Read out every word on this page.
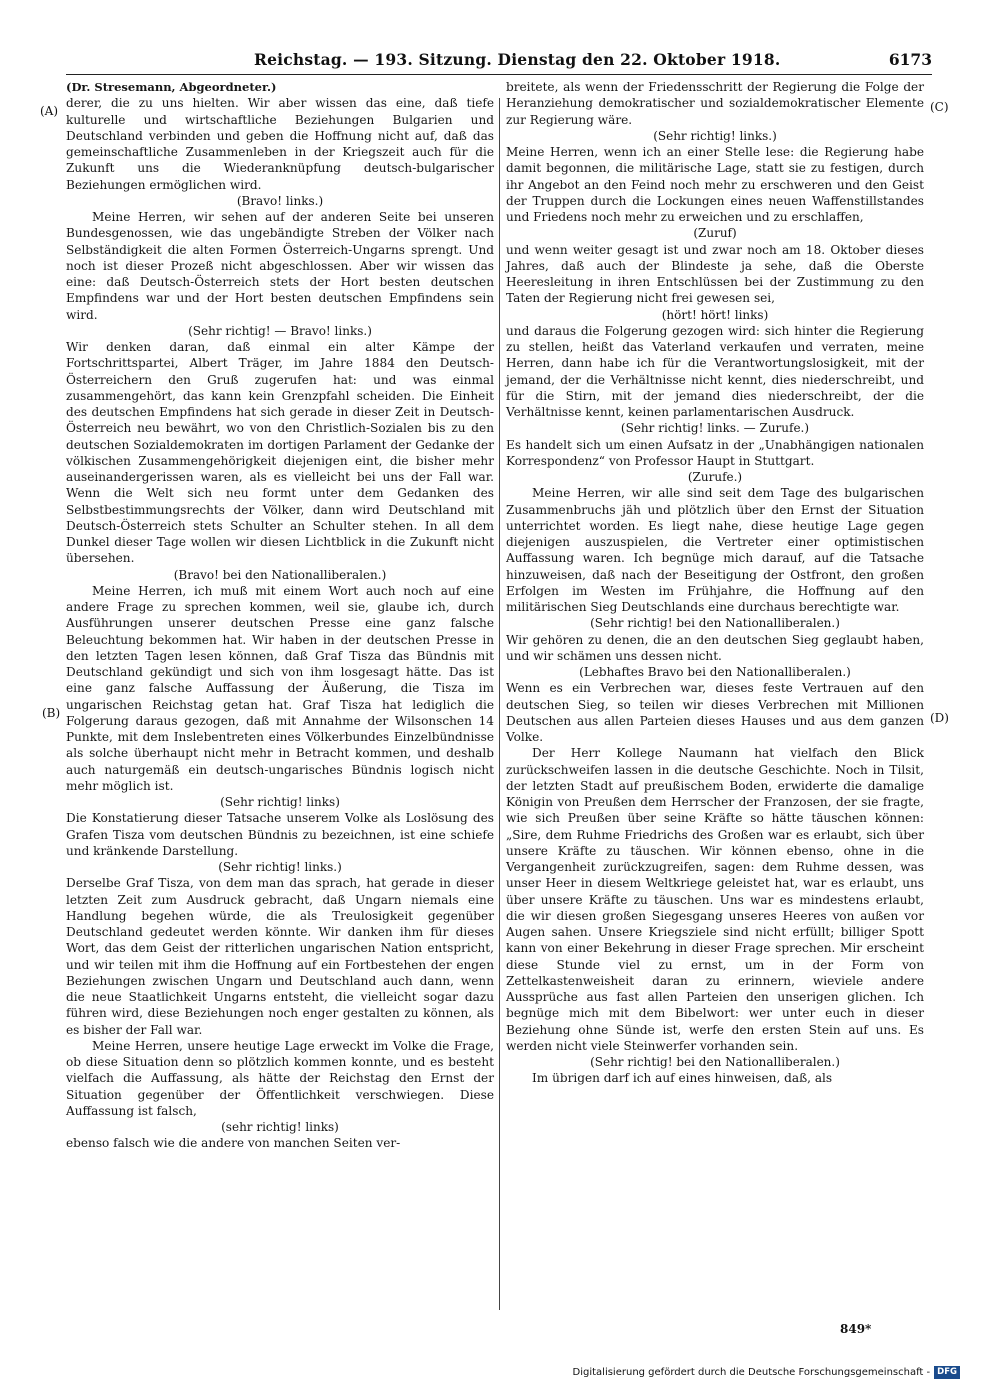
Reichstag. — 193. Sitzung. Dienstag den 22. Oktober 1918.	6173

(Dr. Stresemann, Abgeordneter.)

derer, die zu uns hielten. Wir aber wissen das eine, daß tiefe kulturelle und wirtschaftliche Beziehungen Bulgarien und Deutschland verbinden und geben die Hoffnung nicht auf, daß das gemeinschaftliche Zusammenleben in der Kriegszeit auch für die Zukunft uns die Wiederanknüpfung deutsch-bulgarischer Beziehungen ermöglichen wird.

(Bravo! links.)

Meine Herren, wir sehen auf der anderen Seite bei unseren Bundesgenossen, wie das ungebändigte Streben der Völker nach Selbständigkeit die alten Formen Österreich-Ungarns sprengt. Und noch ist dieser Prozeß nicht abgeschlossen. Aber wir wissen das eine: daß Deutsch-Österreich stets der Hort besten deutschen Empfindens war und der Hort besten deutschen Empfindens sein wird.

(Sehr richtig! — Bravo! links.)

Wir denken daran, daß einmal ein alter Kämpe der Fortschrittspartei, Albert Träger, im Jahre 1884 den Deutsch-Österreichern den Gruß zugerufen hat: und was einmal zusammengehört, das kann kein Grenzpfahl scheiden. Die Einheit des deutschen Empfindens hat sich gerade in dieser Zeit in Deutsch-Österreich neu bewährt, wo von den Christlich-Sozialen bis zu den deutschen Sozialdemokraten im dortigen Parlament der Gedanke der völkischen Zusammengehörigkeit diejenigen eint, die bisher mehr auseinandergerissen waren, als es vielleicht bei uns der Fall war. Wenn die Welt sich neu formt unter dem Gedanken des Selbstbestimmungsrechts der Völker, dann wird Deutschland mit Deutsch-Österreich stets Schulter an Schulter stehen. In all dem Dunkel dieser Tage wollen wir diesen Lichtblick in die Zukunft nicht übersehen.

(Bravo! bei den Nationalliberalen.)

Meine Herren, ich muß mit einem Wort auch noch auf eine andere Frage zu sprechen kommen, weil sie, glaube ich, durch Ausführungen unserer deutschen Presse eine ganz falsche Beleuchtung bekommen hat. Wir haben in der deutschen Presse in den letzten Tagen lesen können, daß Graf Tisza das Bündnis mit Deutschland gekündigt und sich von ihm losgesagt hätte. Das ist eine ganz falsche Auffassung der Äußerung, die Tisza im ungarischen Reichstag getan hat. Graf Tisza hat lediglich die Folgerung daraus gezogen, daß mit Annahme der Wilsonschen 14 Punkte, mit dem Inslebentreten eines Völkerbundes Einzelbündnisse als solche überhaupt nicht mehr in Betracht kommen, und deshalb auch naturgemäß ein deutsch-ungarisches Bündnis logisch nicht mehr möglich ist.

(Sehr richtig! links)

Die Konstatierung dieser Tatsache unserem Volke als Loslösung des Grafen Tisza vom deutschen Bündnis zu bezeichnen, ist eine schiefe und kränkende Darstellung.

(Sehr richtig! links.)

Derselbe Graf Tisza, von dem man das sprach, hat gerade in dieser letzten Zeit zum Ausdruck gebracht, daß Ungarn niemals eine Handlung begehen würde, die als Treulosigkeit gegenüber Deutschland gedeutet werden könnte. Wir danken ihm für dieses Wort, das dem Geist der ritterlichen ungarischen Nation entspricht, und wir teilen mit ihm die Hoffnung auf ein Fortbestehen der engen Beziehungen zwischen Ungarn und Deutschland auch dann, wenn die neue Staatlichkeit Ungarns entsteht, die vielleicht sogar dazu führen wird, diese Beziehungen noch enger gestalten zu können, als es bisher der Fall war.

Meine Herren, unsere heutige Lage erweckt im Volke die Frage, ob diese Situation denn so plötzlich kommen konnte, und es besteht vielfach die Auffassung, als hätte der Reichstag den Ernst der Situation gegenüber der Öffentlichkeit verschwiegen. Diese Auffassung ist falsch,

(sehr richtig! links)

ebenso falsch wie die andere von manchen Seiten ver-

breitete, als wenn der Friedensschritt der Regierung die Folge der Heranziehung demokratischer und sozialdemokratischer Elemente zur Regierung wäre.

(Sehr richtig! links.)

Meine Herren, wenn ich an einer Stelle lese: die Regierung habe damit begonnen, die militärische Lage, statt sie zu festigen, durch ihr Angebot an den Feind noch mehr zu erschweren und den Geist der Truppen durch die Lockungen eines neuen Waffenstillstandes und Friedens noch mehr zu erweichen und zu erschlaffen,

(Zuruf)

und wenn weiter gesagt ist und zwar noch am 18. Oktober dieses Jahres, daß auch der Blindeste ja sehe, daß die Oberste Heeresleitung in ihren Entschlüssen bei der Zustimmung zu den Taten der Regierung nicht frei gewesen sei,

(hört! hört! links)

und daraus die Folgerung gezogen wird: sich hinter die Regierung zu stellen, heißt das Vaterland verkaufen und verraten, meine Herren, dann habe ich für die Verantwortungslosigkeit, mit der jemand, der die Verhältnisse nicht kennt, dies niederschreibt, und für die Stirn, mit der jemand dies niederschreibt, der die Verhältnisse kennt, keinen parlamentarischen Ausdruck.

(Sehr richtig! links. — Zurufe.)

Es handelt sich um einen Aufsatz in der „Unabhängigen nationalen Korrespondenz“ von Professor Haupt in Stuttgart.

(Zurufe.)

Meine Herren, wir alle sind seit dem Tage des bulgarischen Zusammenbruchs jäh und plötzlich über den Ernst der Situation unterrichtet worden. Es liegt nahe, diese heutige Lage gegen diejenigen auszuspielen, die Vertreter einer optimistischen Auffassung waren. Ich begnüge mich darauf, auf die Tatsache hinzuweisen, daß nach der Beseitigung der Ostfront, den großen Erfolgen im Westen im Frühjahre, die Hoffnung auf den militärischen Sieg Deutschlands eine durchaus berechtigte war.

(Sehr richtig! bei den Nationalliberalen.)

Wir gehören zu denen, die an den deutschen Sieg geglaubt haben, und wir schämen uns dessen nicht.

(Lebhaftes Bravo bei den Nationalliberalen.)

Wenn es ein Verbrechen war, dieses feste Vertrauen auf den deutschen Sieg, so teilen wir dieses Verbrechen mit Millionen Deutschen aus allen Parteien dieses Hauses und aus dem ganzen Volke.

Der Herr Kollege Naumann hat vielfach den Blick zurückschweifen lassen in die deutsche Geschichte. Noch in Tilsit, der letzten Stadt auf preußischem Boden, erwiderte die damalige Königin von Preußen dem Herrscher der Franzosen, der sie fragte, wie sich Preußen über seine Kräfte so hätte täuschen können: „Sire, dem Ruhme Friedrichs des Großen war es erlaubt, sich über unsere Kräfte zu täuschen. Wir können ebenso, ohne in die Vergangenheit zurückzugreifen, sagen: dem Ruhme dessen, was unser Heer in diesem Weltkriege geleistet hat, war es erlaubt, uns über unsere Kräfte zu täuschen. Uns war es mindestens erlaubt, die wir diesen großen Siegesgang unseres Heeres von außen vor Augen sahen. Unsere Kriegsziele sind nicht erfüllt; billiger Spott kann von einer Bekehrung in dieser Frage sprechen. Mir erscheint diese Stunde viel zu ernst, um in der Form von Zettelkastenweisheit daran zu erinnern, wieviele andere Aussprüche aus fast allen Parteien den unserigen glichen. Ich begnüge mich mit dem Bibelwort: wer unter euch in dieser Beziehung ohne Sünde ist, werfe den ersten Stein auf uns. Es werden nicht viele Steinwerfer vorhanden sein.

(Sehr richtig! bei den Nationalliberalen.)

Im übrigen darf ich auf eines hinweisen, daß, als

(A)
(B)
(C)
(D)
849*
Digitalisierung gefördert durch die Deutsche Forschungsgemeinschaft - DFG
